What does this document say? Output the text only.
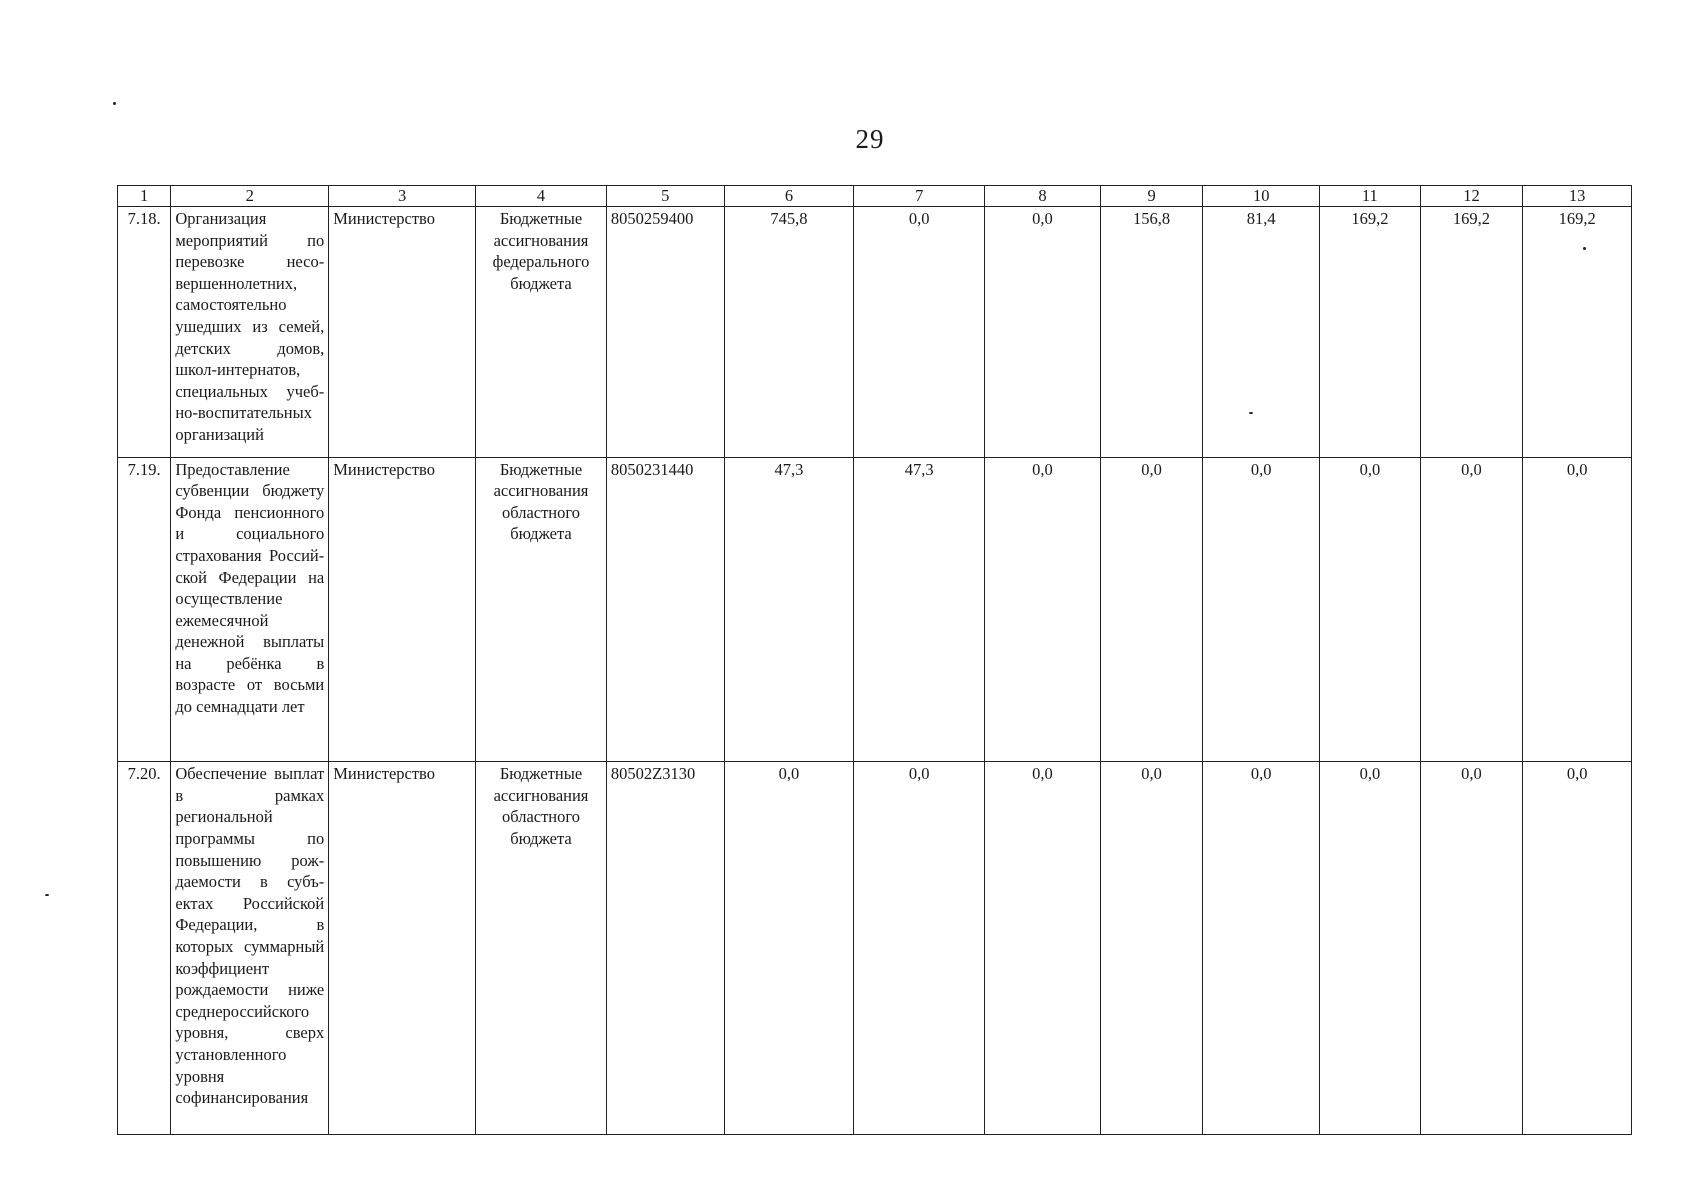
29
1	2	3	4	5	6	7	8	9	10	11	12	13
7.18.	Организация мероприятий по перевозке несовершеннолетних, самостоятельно ушедших из семей, детских домов, школ-интернатов, специальных учебно-воспитательных организаций	Министерство	Бюджетные ассигнования федерального бюджета	8050259400	745,8	0,0	0,0	156,8	81,4	169,2	169,2	169,2
7.19.	Предоставление субвенции бюджету Фонда пенсионного и социального страхования Российской Федерации на осуществление ежемесячной денежной выплаты на ребёнка в возрасте от восьми до семнадцати лет	Министерство	Бюджетные ассигнования областного бюджета	8050231440	47,3	47,3	0,0	0,0	0,0	0,0	0,0	0,0
7.20.	Обеспечение выплат в рамках региональной программы по повышению рождаемости в субъектах Российской Федерации, в которых суммарный коэффициент рождаемости ниже среднероссийского уровня, сверх установленного уровня софинансирования	Министерство	Бюджетные ассигнования областного бюджета	80502Z3130	0,0	0,0	0,0	0,0	0,0	0,0	0,0	0,0
